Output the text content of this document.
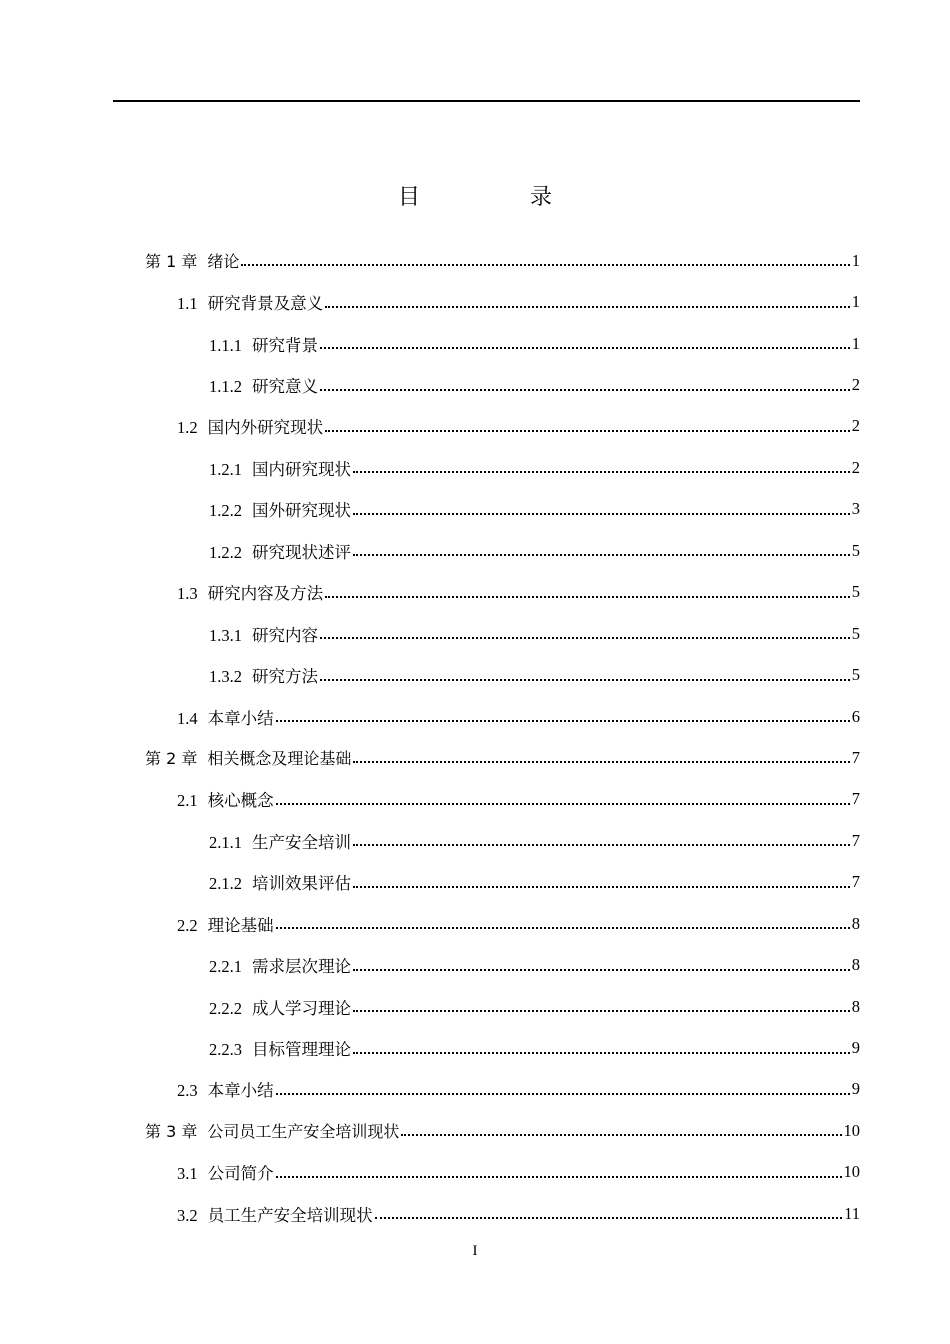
目　录
第 1 章 绪论	1
1.1 研究背景及意义	1
1.1.1 研究背景	1
1.1.2 研究意义	2
1.2 国内外研究现状	2
1.2.1 国内研究现状	2
1.2.2 国外研究现状	3
1.2.2 研究现状述评	5
1.3 研究内容及方法	5
1.3.1 研究内容	5
1.3.2 研究方法	5
1.4 本章小结	6
第 2 章 相关概念及理论基础	7
2.1 核心概念	7
2.1.1 生产安全培训	7
2.1.2 培训效果评估	7
2.2 理论基础	8
2.2.1 需求层次理论	8
2.2.2 成人学习理论	8
2.2.3 目标管理理论	9
2.3 本章小结	9
第 3 章 公司员工生产安全培训现状	10
3.1 公司简介	10
3.2 员工生产安全培训现状	11
I
